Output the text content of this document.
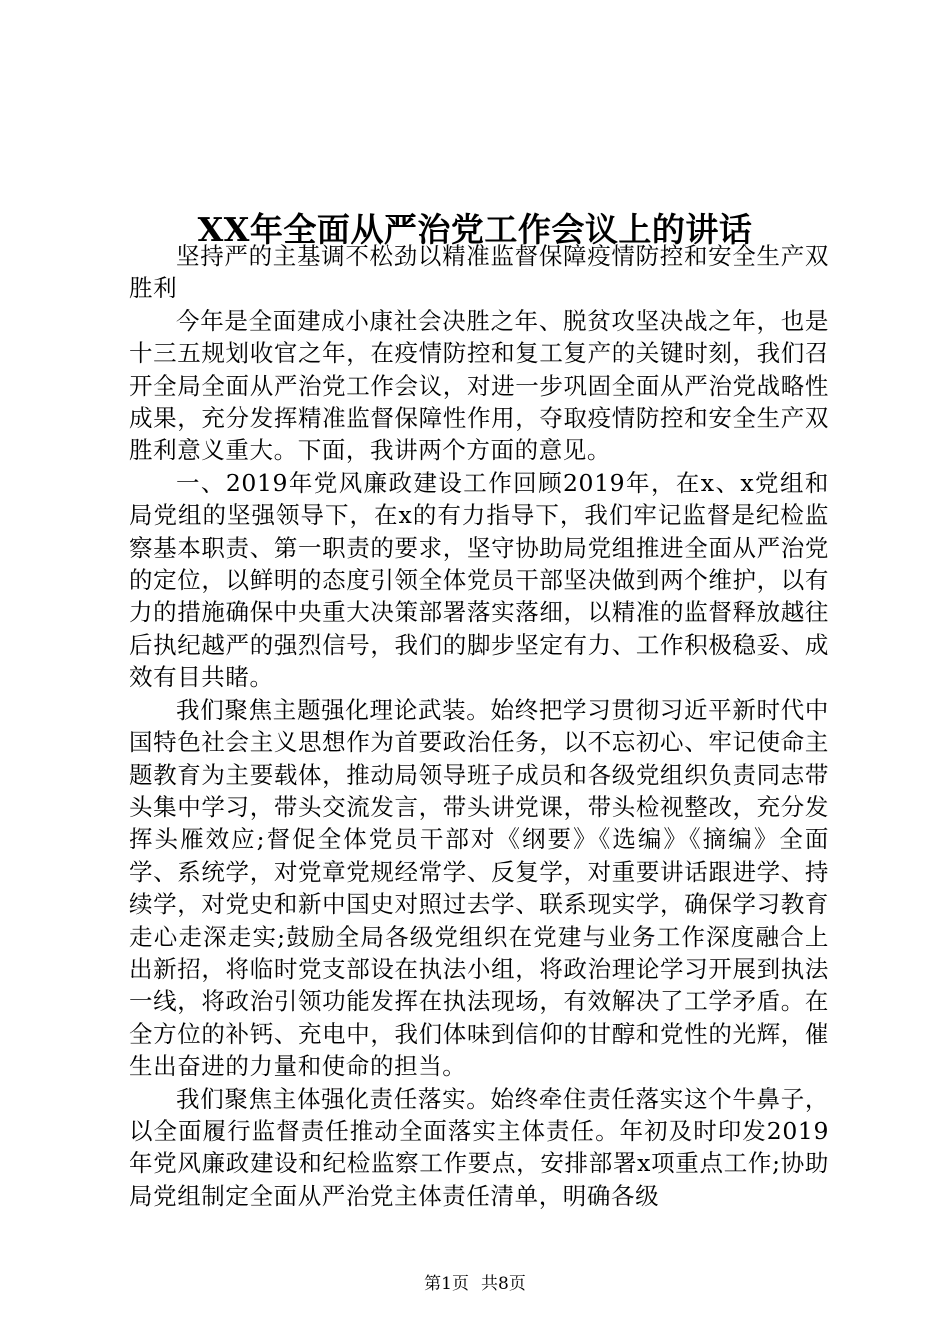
XX年全面从严治党工作会议上的讲话

坚持严的主基调不松劲以精准监督保障疫情防控和安全生产双胜利

今年是全面建成小康社会决胜之年、脱贫攻坚决战之年，也是十三五规划收官之年，在疫情防控和复工复产的关键时刻，我们召开全局全面从严治党工作会议，对进一步巩固全面从严治党战略性成果，充分发挥精准监督保障性作用，夺取疫情防控和安全生产双胜利意义重大。下面，我讲两个方面的意见。

一、2019年党风廉政建设工作回顾2019年，在x、x党组和局党组的坚强领导下，在x的有力指导下，我们牢记监督是纪检监察基本职责、第一职责的要求，坚守协助局党组推进全面从严治党的定位，以鲜明的态度引领全体党员干部坚决做到两个维护，以有力的措施确保中央重大决策部署落实落细，以精准的监督释放越往后执纪越严的强烈信号，我们的脚步坚定有力、工作积极稳妥、成效有目共睹。

我们聚焦主题强化理论武装。始终把学习贯彻习近平新时代中国特色社会主义思想作为首要政治任务，以不忘初心、牢记使命主题教育为主要载体，推动局领导班子成员和各级党组织负责同志带头集中学习，带头交流发言，带头讲党课，带头检视整改，充分发挥头雁效应;督促全体党员干部对《纲要》《选编》《摘编》全面学、系统学，对党章党规经常学、反复学，对重要讲话跟进学、持续学，对党史和新中国史对照过去学、联系现实学，确保学习教育走心走深走实;鼓励全局各级党组织在党建与业务工作深度融合上出新招，将临时党支部设在执法小组，将政治理论学习开展到执法一线，将政治引领功能发挥在执法现场，有效解决了工学矛盾。在全方位的补钙、充电中，我们体味到信仰的甘醇和党性的光辉，催生出奋进的力量和使命的担当。

我们聚焦主体强化责任落实。始终牵住责任落实这个牛鼻子，以全面履行监督责任推动全面落实主体责任。年初及时印发2019年党风廉政建设和纪检监察工作要点，安排部署x项重点工作;协助局党组制定全面从严治党主体责任清单，明确各级

第1页 共8页
